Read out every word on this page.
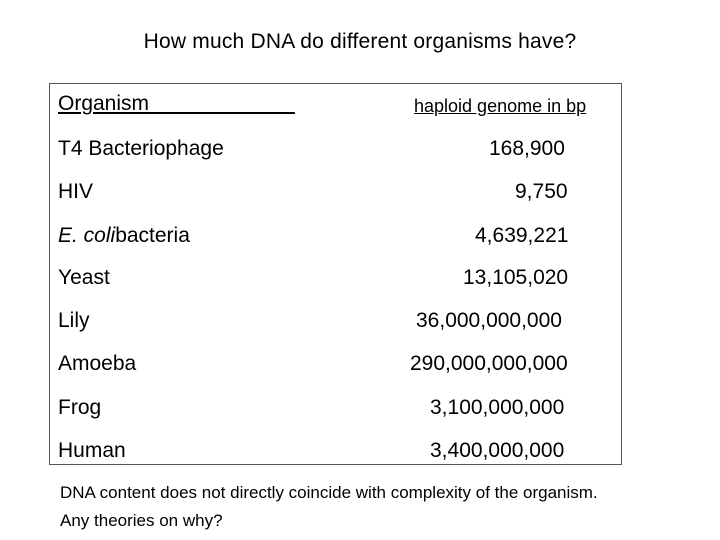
How much DNA do different organisms have?
Organism	haploid genome in bp
T4 Bacteriophage	168,900
HIV	9,750
E. colibacteria	4,639,221
Yeast	13,105,020
Lily	36,000,000,000
Amoeba	290,000,000,000
Frog	3,100,000,000
Human	3,400,000,000
DNA content does not directly coincide with complexity of the organism. Any theories on why?
